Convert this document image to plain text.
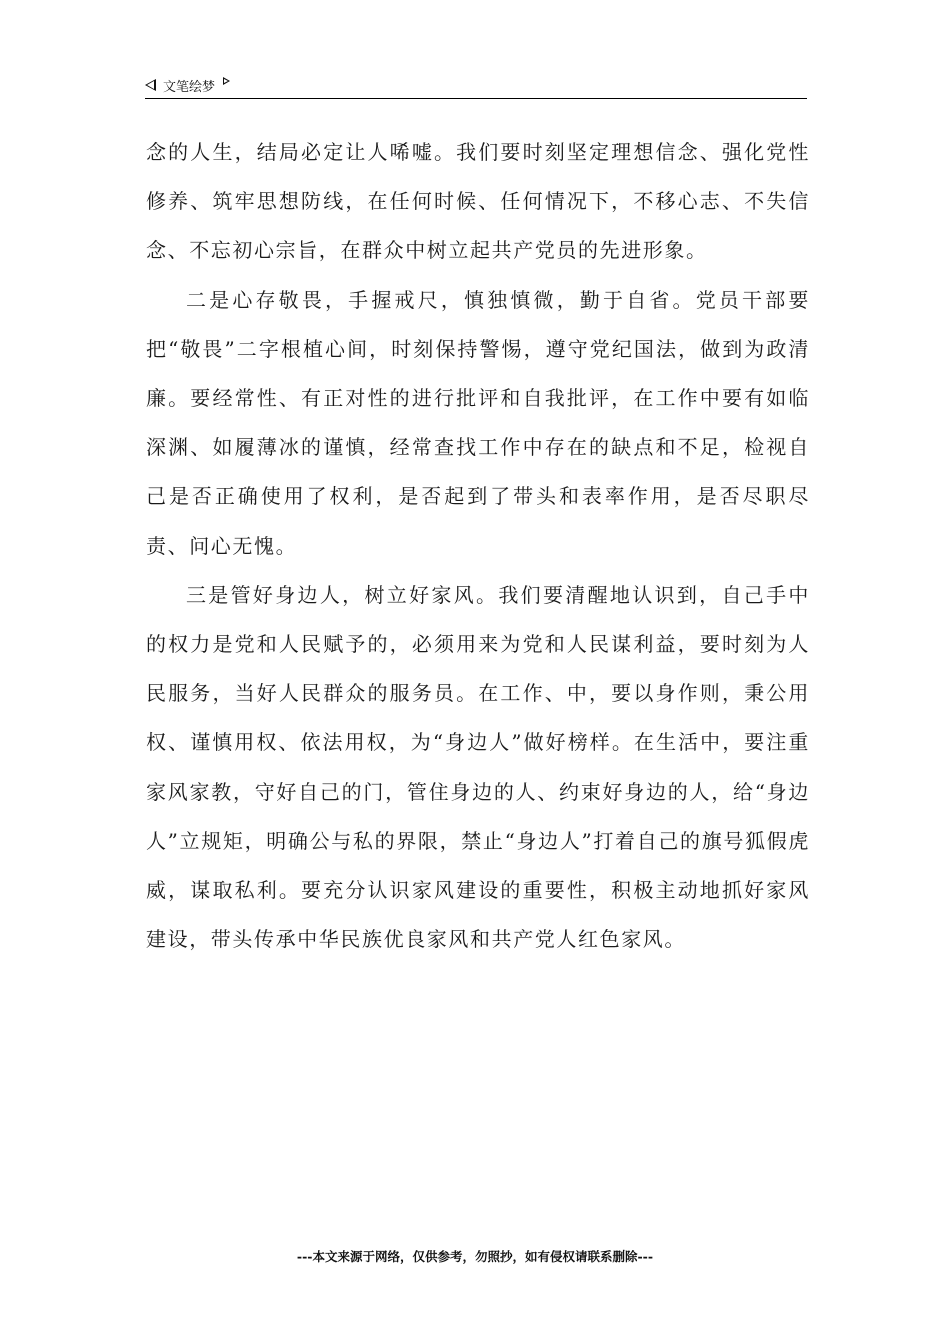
文笔绘梦

念的人生，结局必定让人唏嘘。我们要时刻坚定理想信念、强化党性修养、筑牢思想防线，在任何时候、任何情况下，不移心志、不失信念、不忘初心宗旨，在群众中树立起共产党员的先进形象。

二是心存敬畏，手握戒尺，慎独慎微，勤于自省。党员干部要把“敬畏”二字根植心间，时刻保持警惕，遵守党纪国法，做到为政清廉。要经常性、有正对性的进行批评和自我批评，在工作中要有如临深渊、如履薄冰的谨慎，经常查找工作中存在的缺点和不足，检视自己是否正确使用了权利，是否起到了带头和表率作用，是否尽职尽责、问心无愧。

三是管好身边人，树立好家风。我们要清醒地认识到，自己手中的权力是党和人民赋予的，必须用来为党和人民谋利益，要时刻为人民服务，当好人民群众的服务员。在工作、中，要以身作则，秉公用权、谨慎用权、依法用权，为“身边人”做好榜样。在生活中，要注重家风家教，守好自己的门，管住身边的人、约束好身边的人，给“身边人”立规矩，明确公与私的界限，禁止“身边人”打着自己的旗号狐假虎威，谋取私利。要充分认识家风建设的重要性，积极主动地抓好家风建设，带头传承中华民族优良家风和共产党人红色家风。

---本文来源于网络，仅供参考，勿照抄，如有侵权请联系删除---
